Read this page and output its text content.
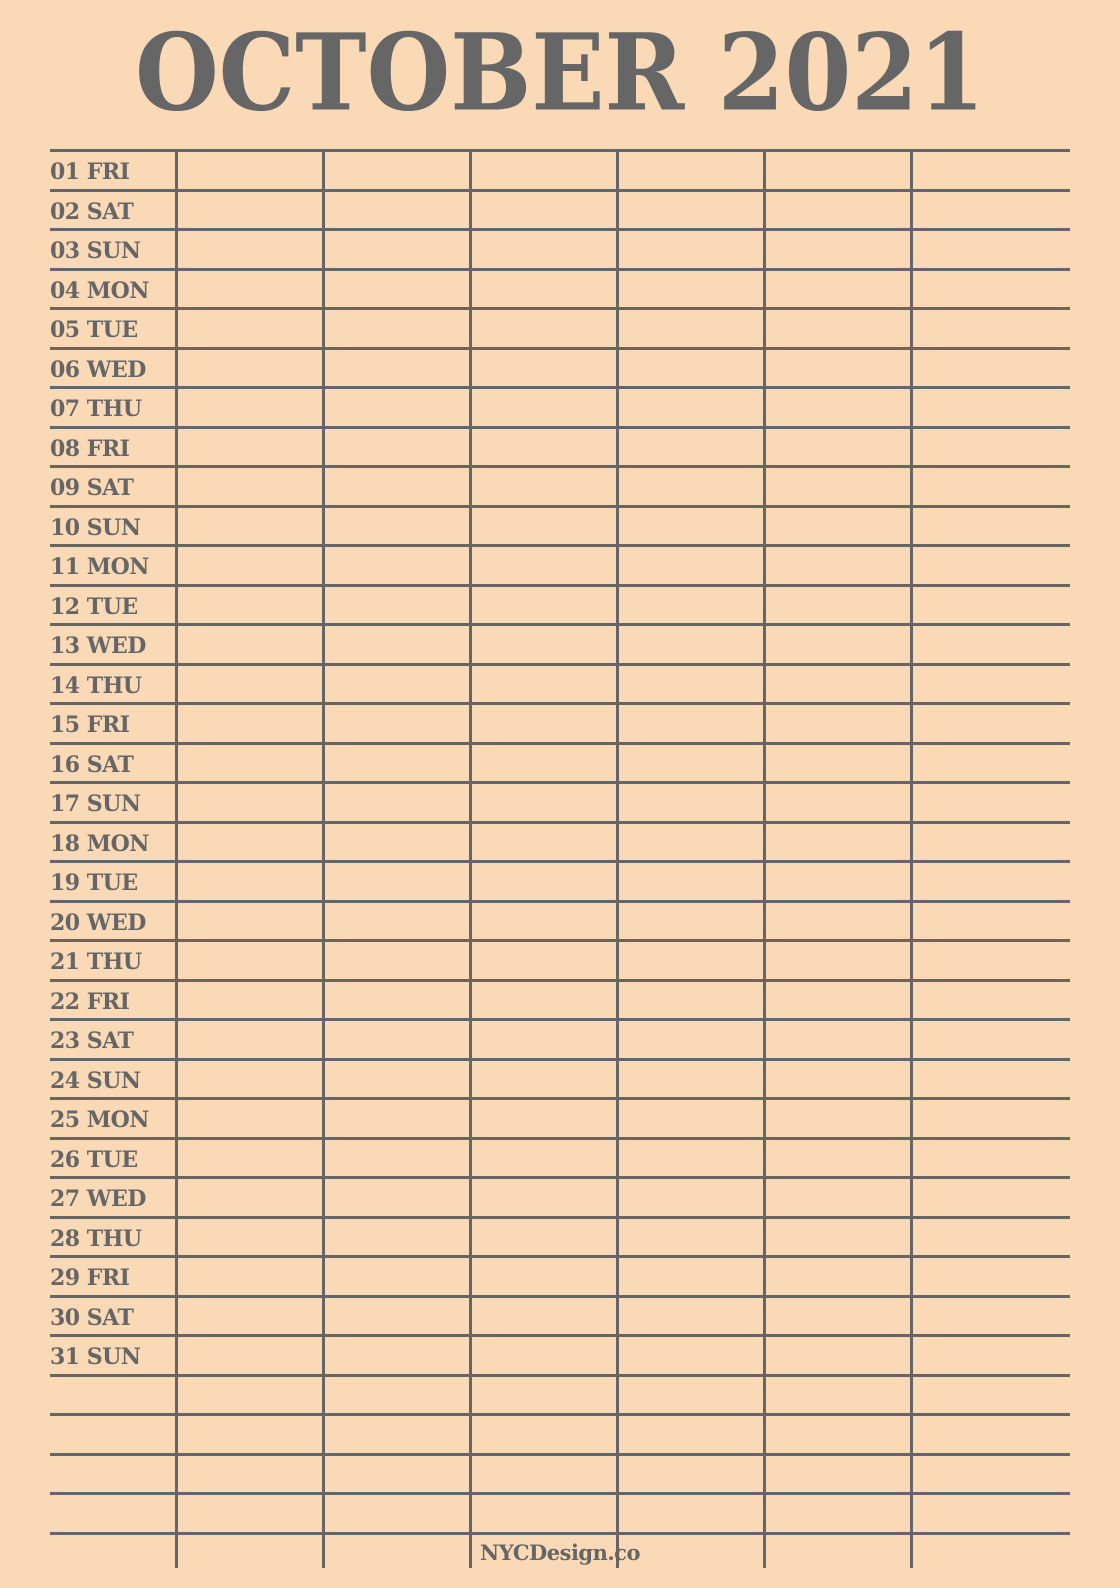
OCTOBER 2021
01 FRI
02 SAT
03 SUN
04 MON
05 TUE
06 WED
07 THU
08 FRI
09 SAT
10 SUN
11 MON
12 TUE
13 WED
14 THU
15 FRI
16 SAT
17 SUN
18 MON
19 TUE
20 WED
21 THU
22 FRI
23 SAT
24 SUN
25 MON
26 TUE
27 WED
28 THU
29 FRI
30 SAT
31 SUN
NYCDesign.co
